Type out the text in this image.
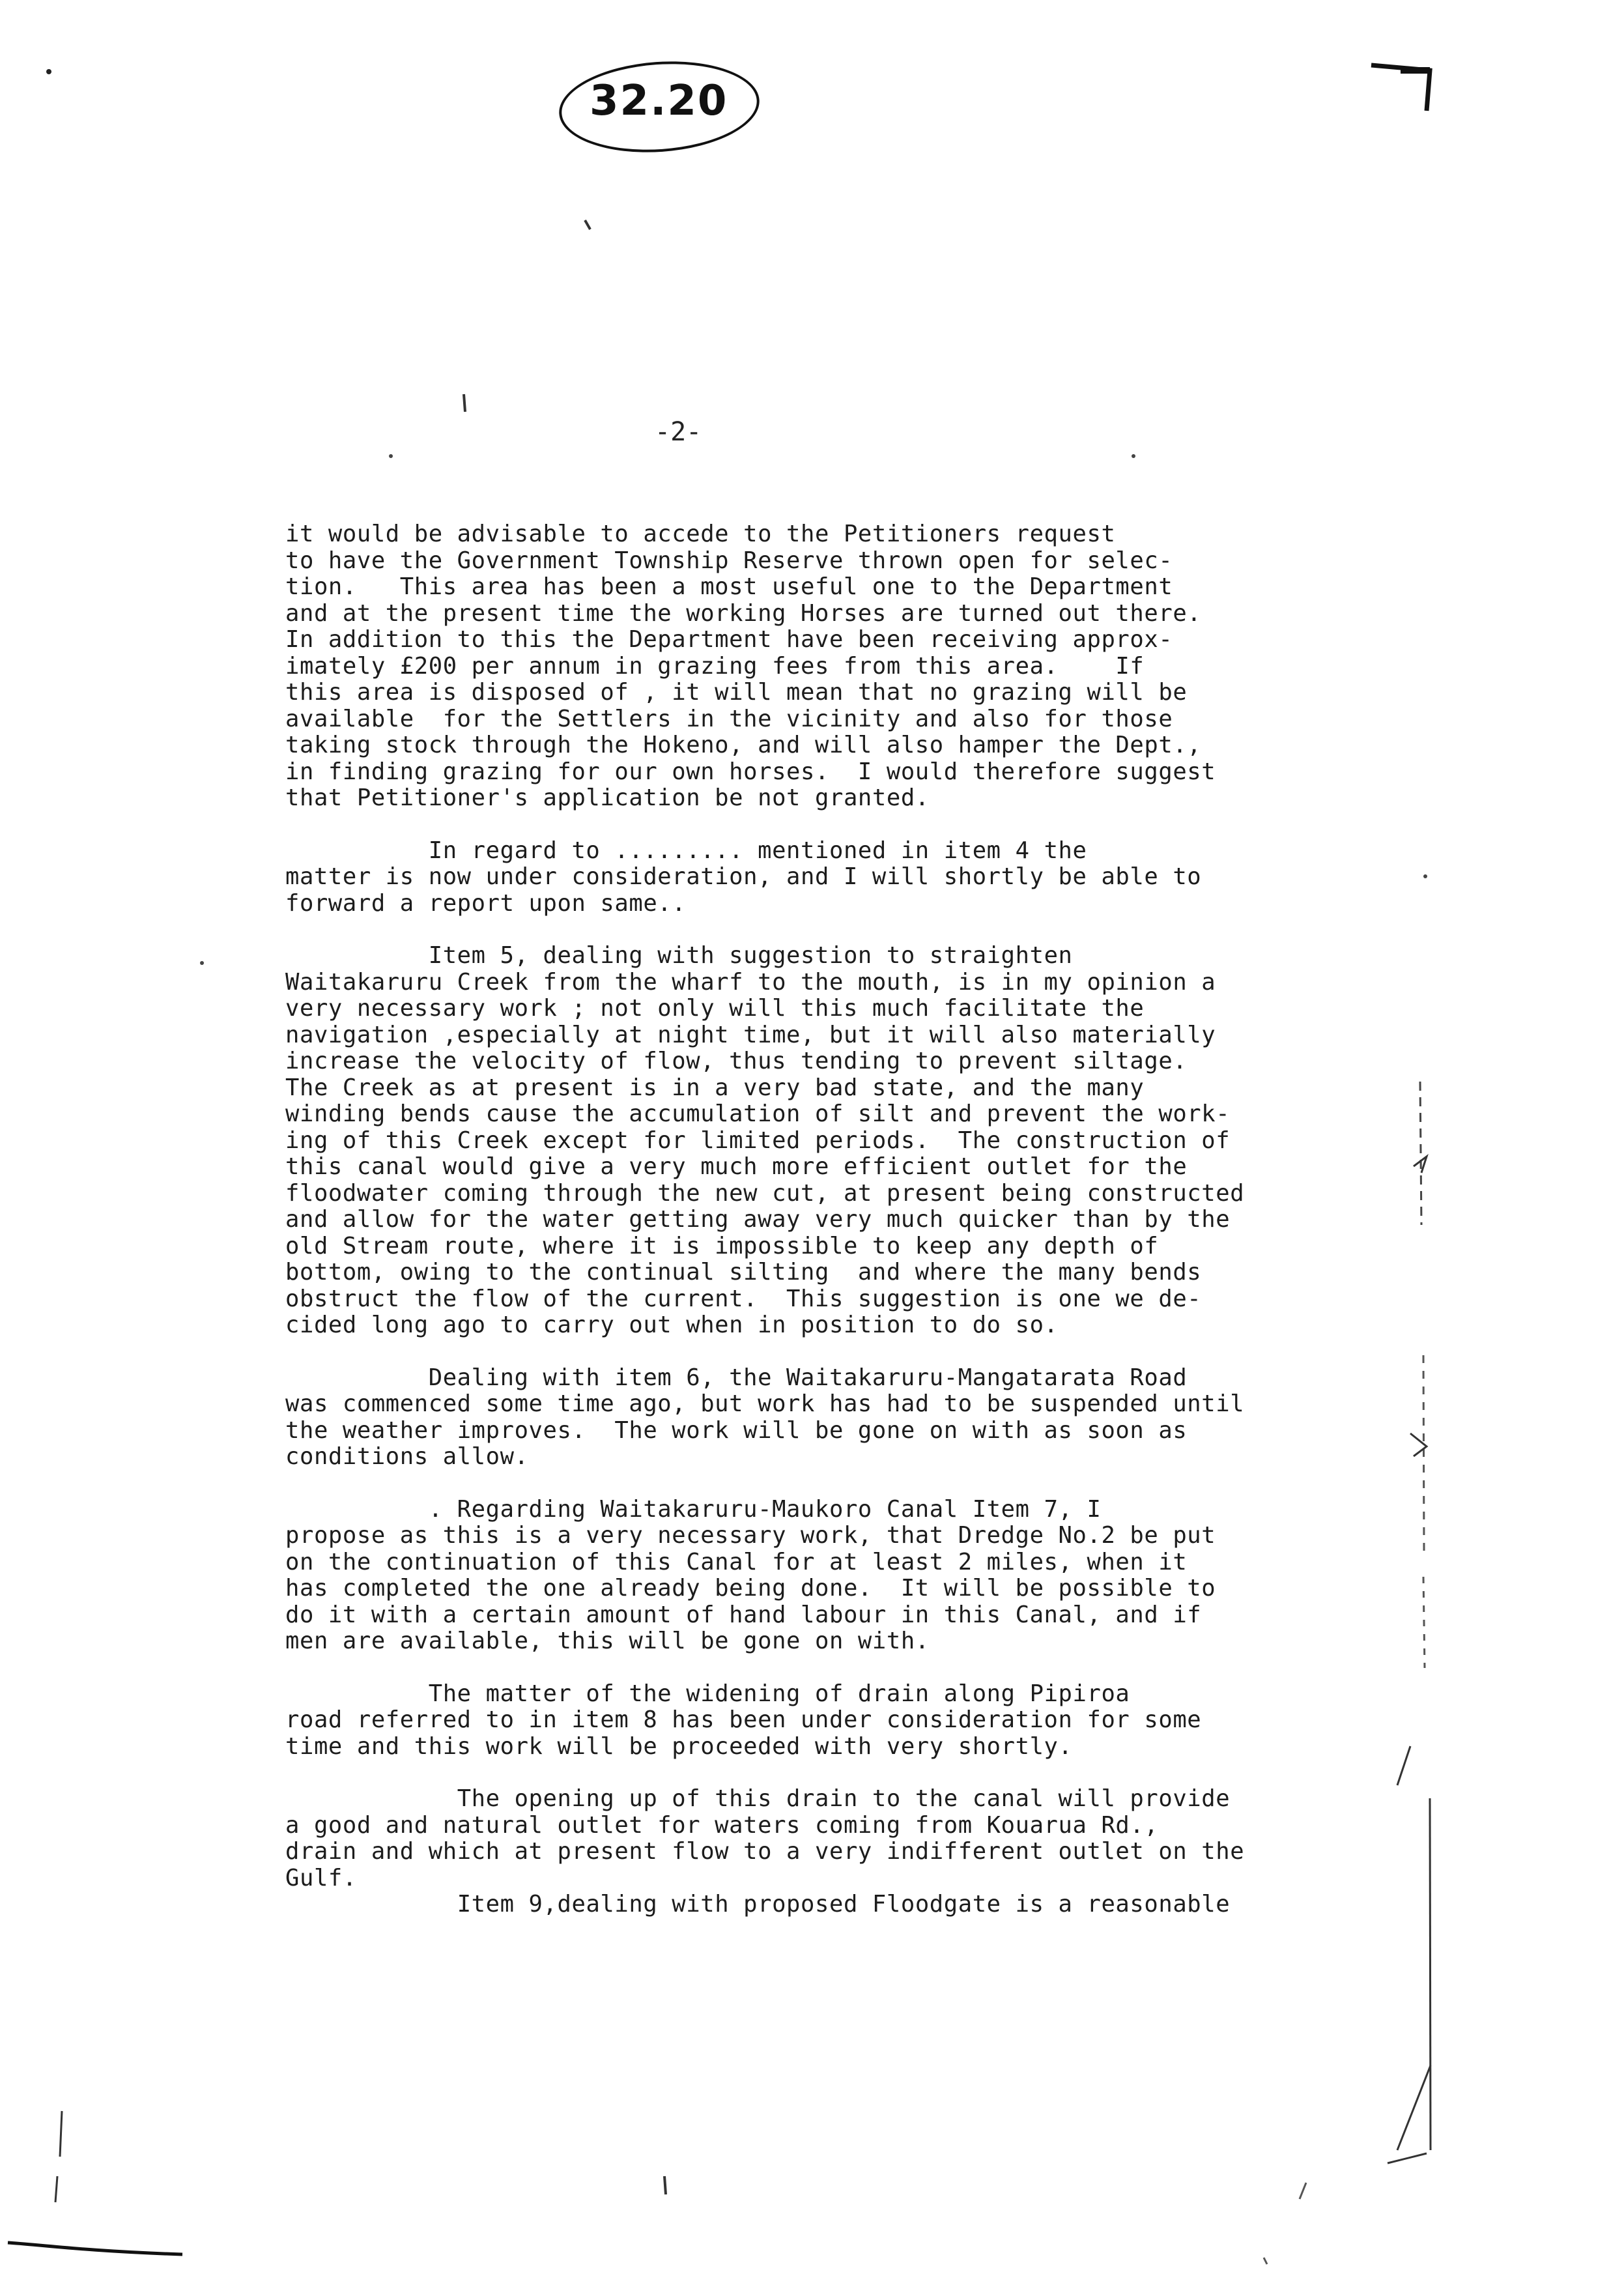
32.20
-2-

it would be advisable to accede to the Petitioners request
to have the Government Township Reserve thrown open for selec-
tion.   This area has been a most useful one to the Department
and at the present time the working Horses are turned out there.
In addition to this the Department have been receiving approx-
imately £200 per annum in grazing fees from this area.    If
this area is disposed of , it will mean that no grazing will be
available  for the Settlers in the vicinity and also for those
taking stock through the Hokeno, and will also hamper the Dept.,
in finding grazing for our own horses.  I would therefore suggest
that Petitioner's application be not granted.

In regard to ......... mentioned in item 4 the
matter is now under consideration, and I will shortly be able to
forward a report upon same..

Item 5, dealing with suggestion to straighten
Waitakaruru Creek from the wharf to the mouth, is in my opinion a
very necessary work ; not only will this much facilitate the
navigation ,especially at night time, but it will also materially
increase the velocity of flow, thus tending to prevent siltage.
The Creek as at present is in a very bad state, and the many
winding bends cause the accumulation of silt and prevent the work-
ing of this Creek except for limited periods.  The construction of
this canal would give a very much more efficient outlet for the
floodwater coming through the new cut, at present being constructed
and allow for the water getting away very much quicker than by the
old Stream route, where it is impossible to keep any depth of
bottom, owing to the continual silting  and where the many bends
obstruct the flow of the current.  This suggestion is one we de-
cided long ago to carry out when in position to do so.

Dealing with item 6, the Waitakaruru-Mangatarata Road
was commenced some time ago, but work has had to be suspended until
the weather improves.  The work will be gone on with as soon as
conditions allow.

. Regarding Waitakaruru-Maukoro Canal Item 7, I
propose as this is a very necessary work, that Dredge No.2 be put
on the continuation of this Canal for at least 2 miles, when it
has completed the one already being done.  It will be possible to
do it with a certain amount of hand labour in this Canal, and if
men are available, this will be gone on with.

The matter of the widening of drain along Pipiroa
road referred to in item 8 has been under consideration for some
time and this work will be proceeded with very shortly.

The opening up of this drain to the canal will provide
a good and natural outlet for waters coming from Kouarua Rd.,
drain and which at present flow to a very indifferent outlet on the
Gulf.

Item 9,dealing with proposed Floodgate is a reasonable
